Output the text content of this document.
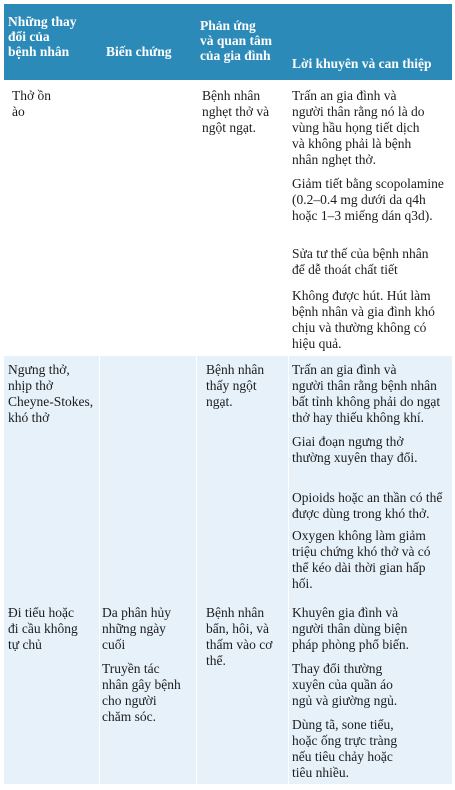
Những thay
đổi của
bệnh nhân	Biến chứng
Phản ứng
và quan tâm
của gia đình
Lời khuyên và can thiệp
Thở ồn
ào
Bệnh nhân
nghẹt thở và
ngột ngạt.
Trấn an gia đình và
người thân rằng nó là do
vùng hầu họng tiết dịch
và không phải là bệnh
nhân nghẹt thở.
Giảm tiết bằng scopolamine
(0.2–0.4 mg dưới da q4h
hoặc 1–3 miếng dán q3d).
Sửa tư thế của bệnh nhân
để dễ thoát chất tiết
Không được hút. Hút làm
bệnh nhân và gia đình khó
chịu và thường không có
hiệu quả.
Ngưng thở,
nhịp thở
Cheyne-Stokes,
khó thở
Bệnh nhân
thấy ngột
ngạt.
Trấn an gia đình và
người thân rằng bệnh nhân
bất tỉnh không phải do ngạt
thở hay thiếu không khí.
Giai đoạn ngưng thở
thường xuyên thay đổi.
Opioids hoặc an thần có thể
được dùng trong khó thở.
Oxygen không làm giảm
triệu chứng khó thở và có
thể kéo dài thời gian hấp
hối.
Đi tiểu hoặc
đi cầu không
tự chủ
Da phân hủy
những ngày
cuối
Truyền tác
nhân gây bệnh
cho người
chăm sóc.
Bệnh nhân
bẩn, hôi, và
thấm vào cơ
thể.
Khuyên gia đình và
người thân dùng biện
pháp phòng phổ biến.
Thay đổi thường
xuyên của quần áo
ngủ và giường ngủ.
Dùng tã, sone tiểu,
hoặc ống trực tràng
nếu tiêu chảy hoặc
tiêu nhiều.
